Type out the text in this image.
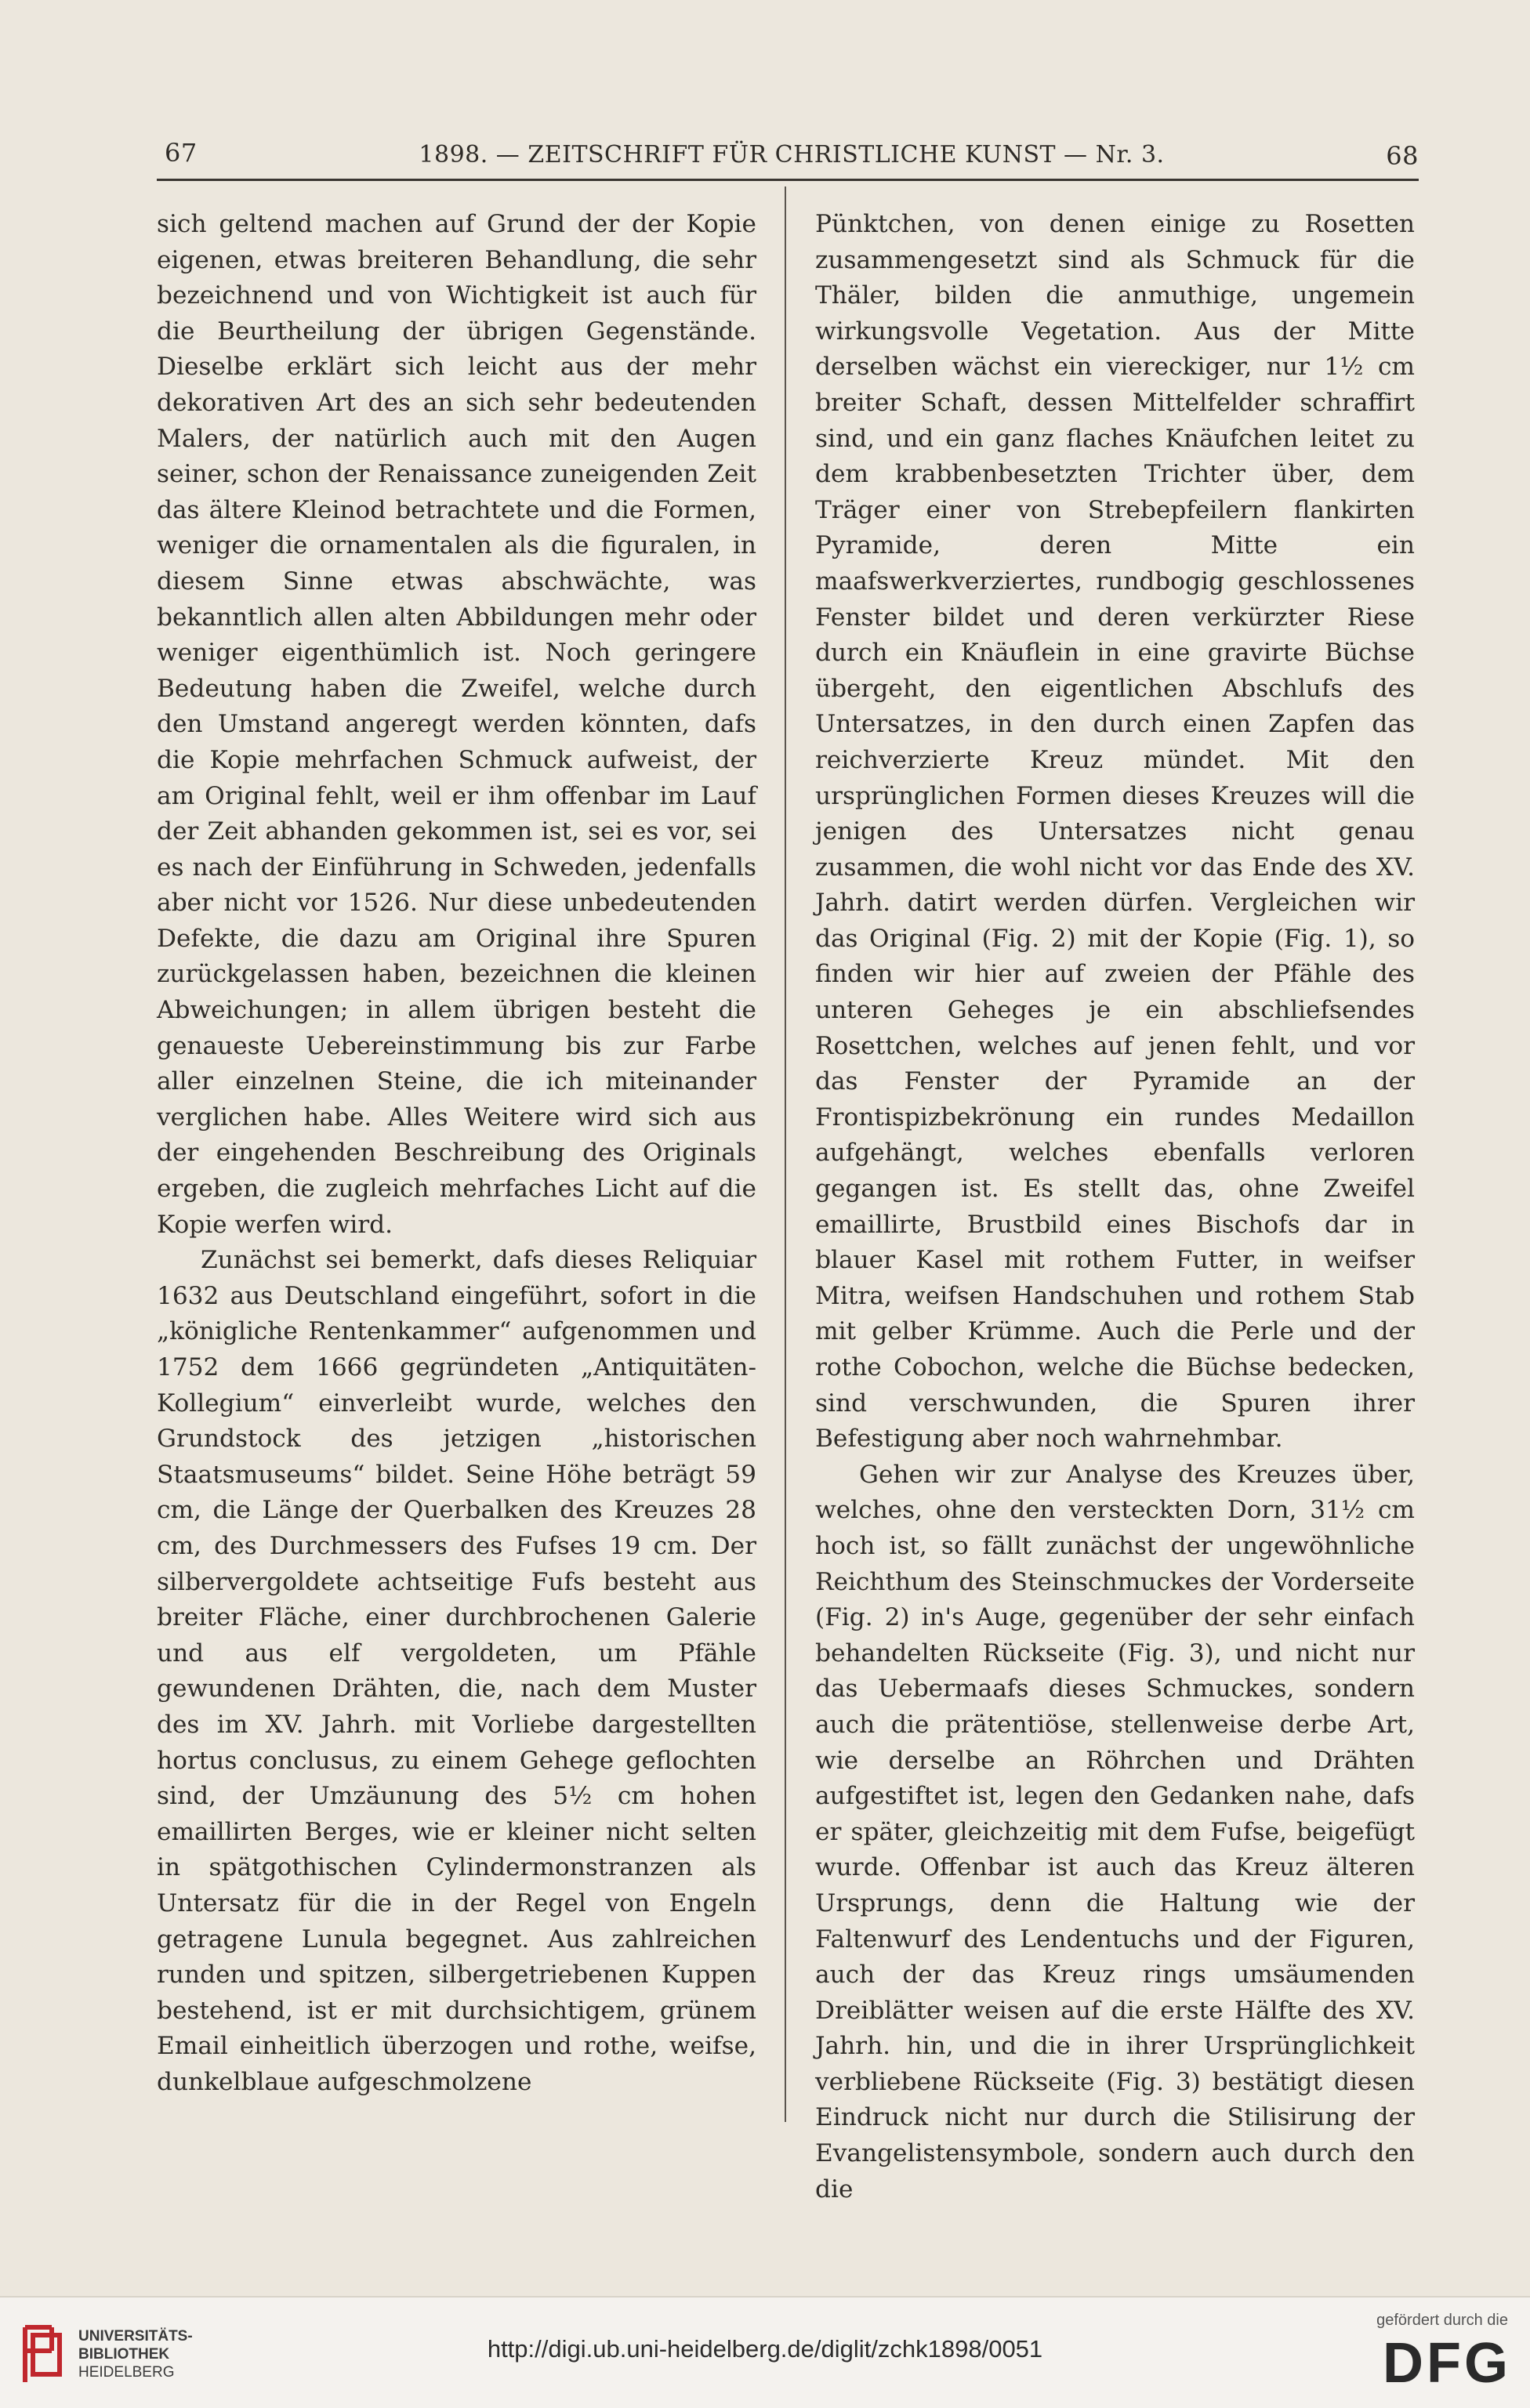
67	1898. — ZEITSCHRIFT FÜR CHRISTLICHE KUNST — Nr. 3.	68

sich geltend machen auf Grund der der Kopie eigenen, etwas breiteren Behandlung, die sehr bezeichnend und von Wichtigkeit ist auch für die Beurtheilung der übrigen Gegenstände. Dieselbe erklärt sich leicht aus der mehr dekorativen Art des an sich sehr bedeutenden Malers, der natürlich auch mit den Augen seiner, schon der Renaissance zuneigenden Zeit das ältere Kleinod betrachtete und die Formen, weniger die ornamentalen als die figuralen, in diesem Sinne etwas abschwächte, was bekanntlich allen alten Abbildungen mehr oder weniger eigenthümlich ist. Noch geringere Bedeutung haben die Zweifel, welche durch den Umstand angeregt werden könnten, dafs die Kopie mehrfachen Schmuck aufweist, der am Original fehlt, weil er ihm offenbar im Lauf der Zeit abhanden gekommen ist, sei es vor, sei es nach der Einführung in Schweden, jedenfalls aber nicht vor 1526. Nur diese unbedeutenden Defekte, die dazu am Original ihre Spuren zurückgelassen haben, bezeichnen die kleinen Abweichungen; in allem übrigen besteht die genaueste Uebereinstimmung bis zur Farbe aller einzelnen Steine, die ich miteinander verglichen habe. Alles Weitere wird sich aus der eingehenden Beschreibung des Originals ergeben, die zugleich mehrfaches Licht auf die Kopie werfen wird.

Zunächst sei bemerkt, dafs dieses Reliquiar 1632 aus Deutschland eingeführt, sofort in die „königliche Rentenkammer“ aufgenommen und 1752 dem 1666 gegründeten „Antiquitäten-Kollegium“ einverleibt wurde, welches den Grundstock des jetzigen „historischen Staatsmuseums“ bildet. Seine Höhe beträgt 59 cm, die Länge der Querbalken des Kreuzes 28 cm, des Durchmessers des Fufses 19 cm. Der silbervergoldete achtseitige Fufs besteht aus breiter Fläche, einer durchbrochenen Galerie und aus elf vergoldeten, um Pfähle gewundenen Drähten, die, nach dem Muster des im XV. Jahrh. mit Vorliebe dargestellten hortus conclusus, zu einem Gehege geflochten sind, der Umzäunung des 5½ cm hohen emaillirten Berges, wie er kleiner nicht selten in spätgothischen Cylindermonstranzen als Untersatz für die in der Regel von Engeln getragene Lunula begegnet. Aus zahlreichen runden und spitzen, silbergetriebenen Kuppen bestehend, ist er mit durchsichtigem, grünem Email einheitlich überzogen und rothe, weifse, dunkelblaue aufgeschmolzene

Pünktchen, von denen einige zu Rosetten zusammengesetzt sind als Schmuck für die Thäler, bilden die anmuthige, ungemein wirkungsvolle Vegetation. Aus der Mitte derselben wächst ein viereckiger, nur 1½ cm breiter Schaft, dessen Mittelfelder schraffirt sind, und ein ganz flaches Knäufchen leitet zu dem krabbenbesetzten Trichter über, dem Träger einer von Strebepfeilern flankirten Pyramide, deren Mitte ein maafswerkverziertes, rundbogig geschlossenes Fenster bildet und deren verkürzter Riese durch ein Knäuflein in eine gravirte Büchse übergeht, den eigentlichen Abschlufs des Untersatzes, in den durch einen Zapfen das reichverzierte Kreuz mündet. Mit den ursprünglichen Formen dieses Kreuzes will die jenigen des Untersatzes nicht genau zusammen, die wohl nicht vor das Ende des XV. Jahrh. datirt werden dürfen. Vergleichen wir das Original (Fig. 2) mit der Kopie (Fig. 1), so finden wir hier auf zweien der Pfähle des unteren Geheges je ein abschliefsendes Rosettchen, welches auf jenen fehlt, und vor das Fenster der Pyramide an der Frontispizbekrönung ein rundes Medaillon aufgehängt, welches ebenfalls verloren gegangen ist. Es stellt das, ohne Zweifel emaillirte, Brustbild eines Bischofs dar in blauer Kasel mit rothem Futter, in weifser Mitra, weifsen Handschuhen und rothem Stab mit gelber Krümme. Auch die Perle und der rothe Cobochon, welche die Büchse bedecken, sind verschwunden, die Spuren ihrer Befestigung aber noch wahrnehmbar.

Gehen wir zur Analyse des Kreuzes über, welches, ohne den versteckten Dorn, 31½ cm hoch ist, so fällt zunächst der ungewöhnliche Reichthum des Steinschmuckes der Vorderseite (Fig. 2) in's Auge, gegenüber der sehr einfach behandelten Rückseite (Fig. 3), und nicht nur das Uebermaafs dieses Schmuckes, sondern auch die prätentiöse, stellenweise derbe Art, wie derselbe an Röhrchen und Drähten aufgestiftet ist, legen den Gedanken nahe, dafs er später, gleichzeitig mit dem Fufse, beigefügt wurde. Offenbar ist auch das Kreuz älteren Ursprungs, denn die Haltung wie der Faltenwurf des Lendentuchs und der Figuren, auch der das Kreuz rings umsäumenden Dreiblätter weisen auf die erste Hälfte des XV. Jahrh. hin, und die in ihrer Ursprünglichkeit verbliebene Rückseite (Fig. 3) bestätigt diesen Eindruck nicht nur durch die Stilisirung der Evangelistensymbole, sondern auch durch den die

UNIVERSITÄTS-
BIBLIOTHEK
HEIDELBERG
http://digi.ub.uni-heidelberg.de/diglit/zchk1898/0051
gefördert durch die
DFG
